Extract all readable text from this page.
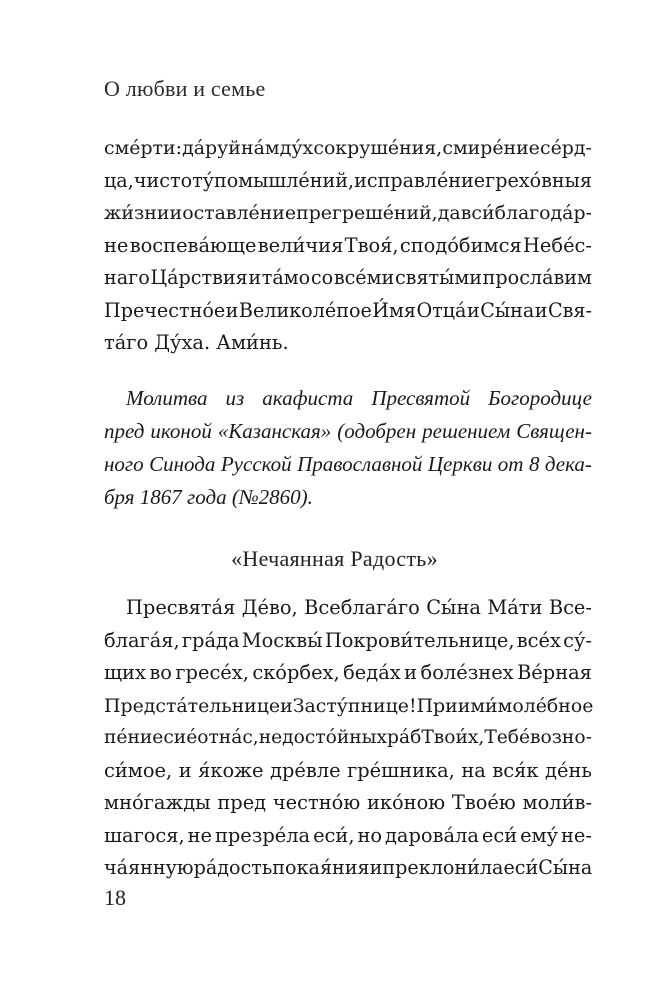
О любви и семье
сме́рти: да́руй на́м ду́х сокруше́ния, смире́ние се́рд-
ца, чистоту́ помышле́ний, исправле́ние грехо́вныя
жи́зни и оставле́ние прегреше́ний, да вси́ благода́р-
не воспева́юще вели́чия Твоя́, сподо́бимся Небе́с-
наго Ца́рствия и та́мо со все́ми святы́ми просла́вим
Пречестно́е и Великоле́пое И́мя Отца́ и Сы́на и Свя-
та́го Ду́ха. Ами́нь.
Молитва из акафиста Пресвятой Богородице
пред иконой «Казанская» (одобрен решением Священ-
ного Синода Русской Православной Церкви от 8 дека-
бря 1867 года (№2860).
«Нечаянная Радость»
Пресвята́я Де́во, Всеблага́го Сы́на Ма́ти Все-
блага́я, гра́да Москвы́ Покрови́тельнице, все́х су́-
щих во гресе́х, ско́рбех, беда́х и боле́знех Ве́рная
Предста́тельнице и Засту́пнице! Приими́ моле́бное
пе́ние сие́ от на́с, недосто́йных ра́б Твои́х, Тебе́ возно-
си́мое, и я́коже дре́вле гре́шника, на вся́к де́нь
мно́гажды пред честно́ю ико́ною Твое́ю моли́в-
шагося, не презре́ла еси́, но дарова́ла еси́ ему́ не-
ча́янную ра́дость покая́ния и преклони́ла еси́ Сы́на
18
